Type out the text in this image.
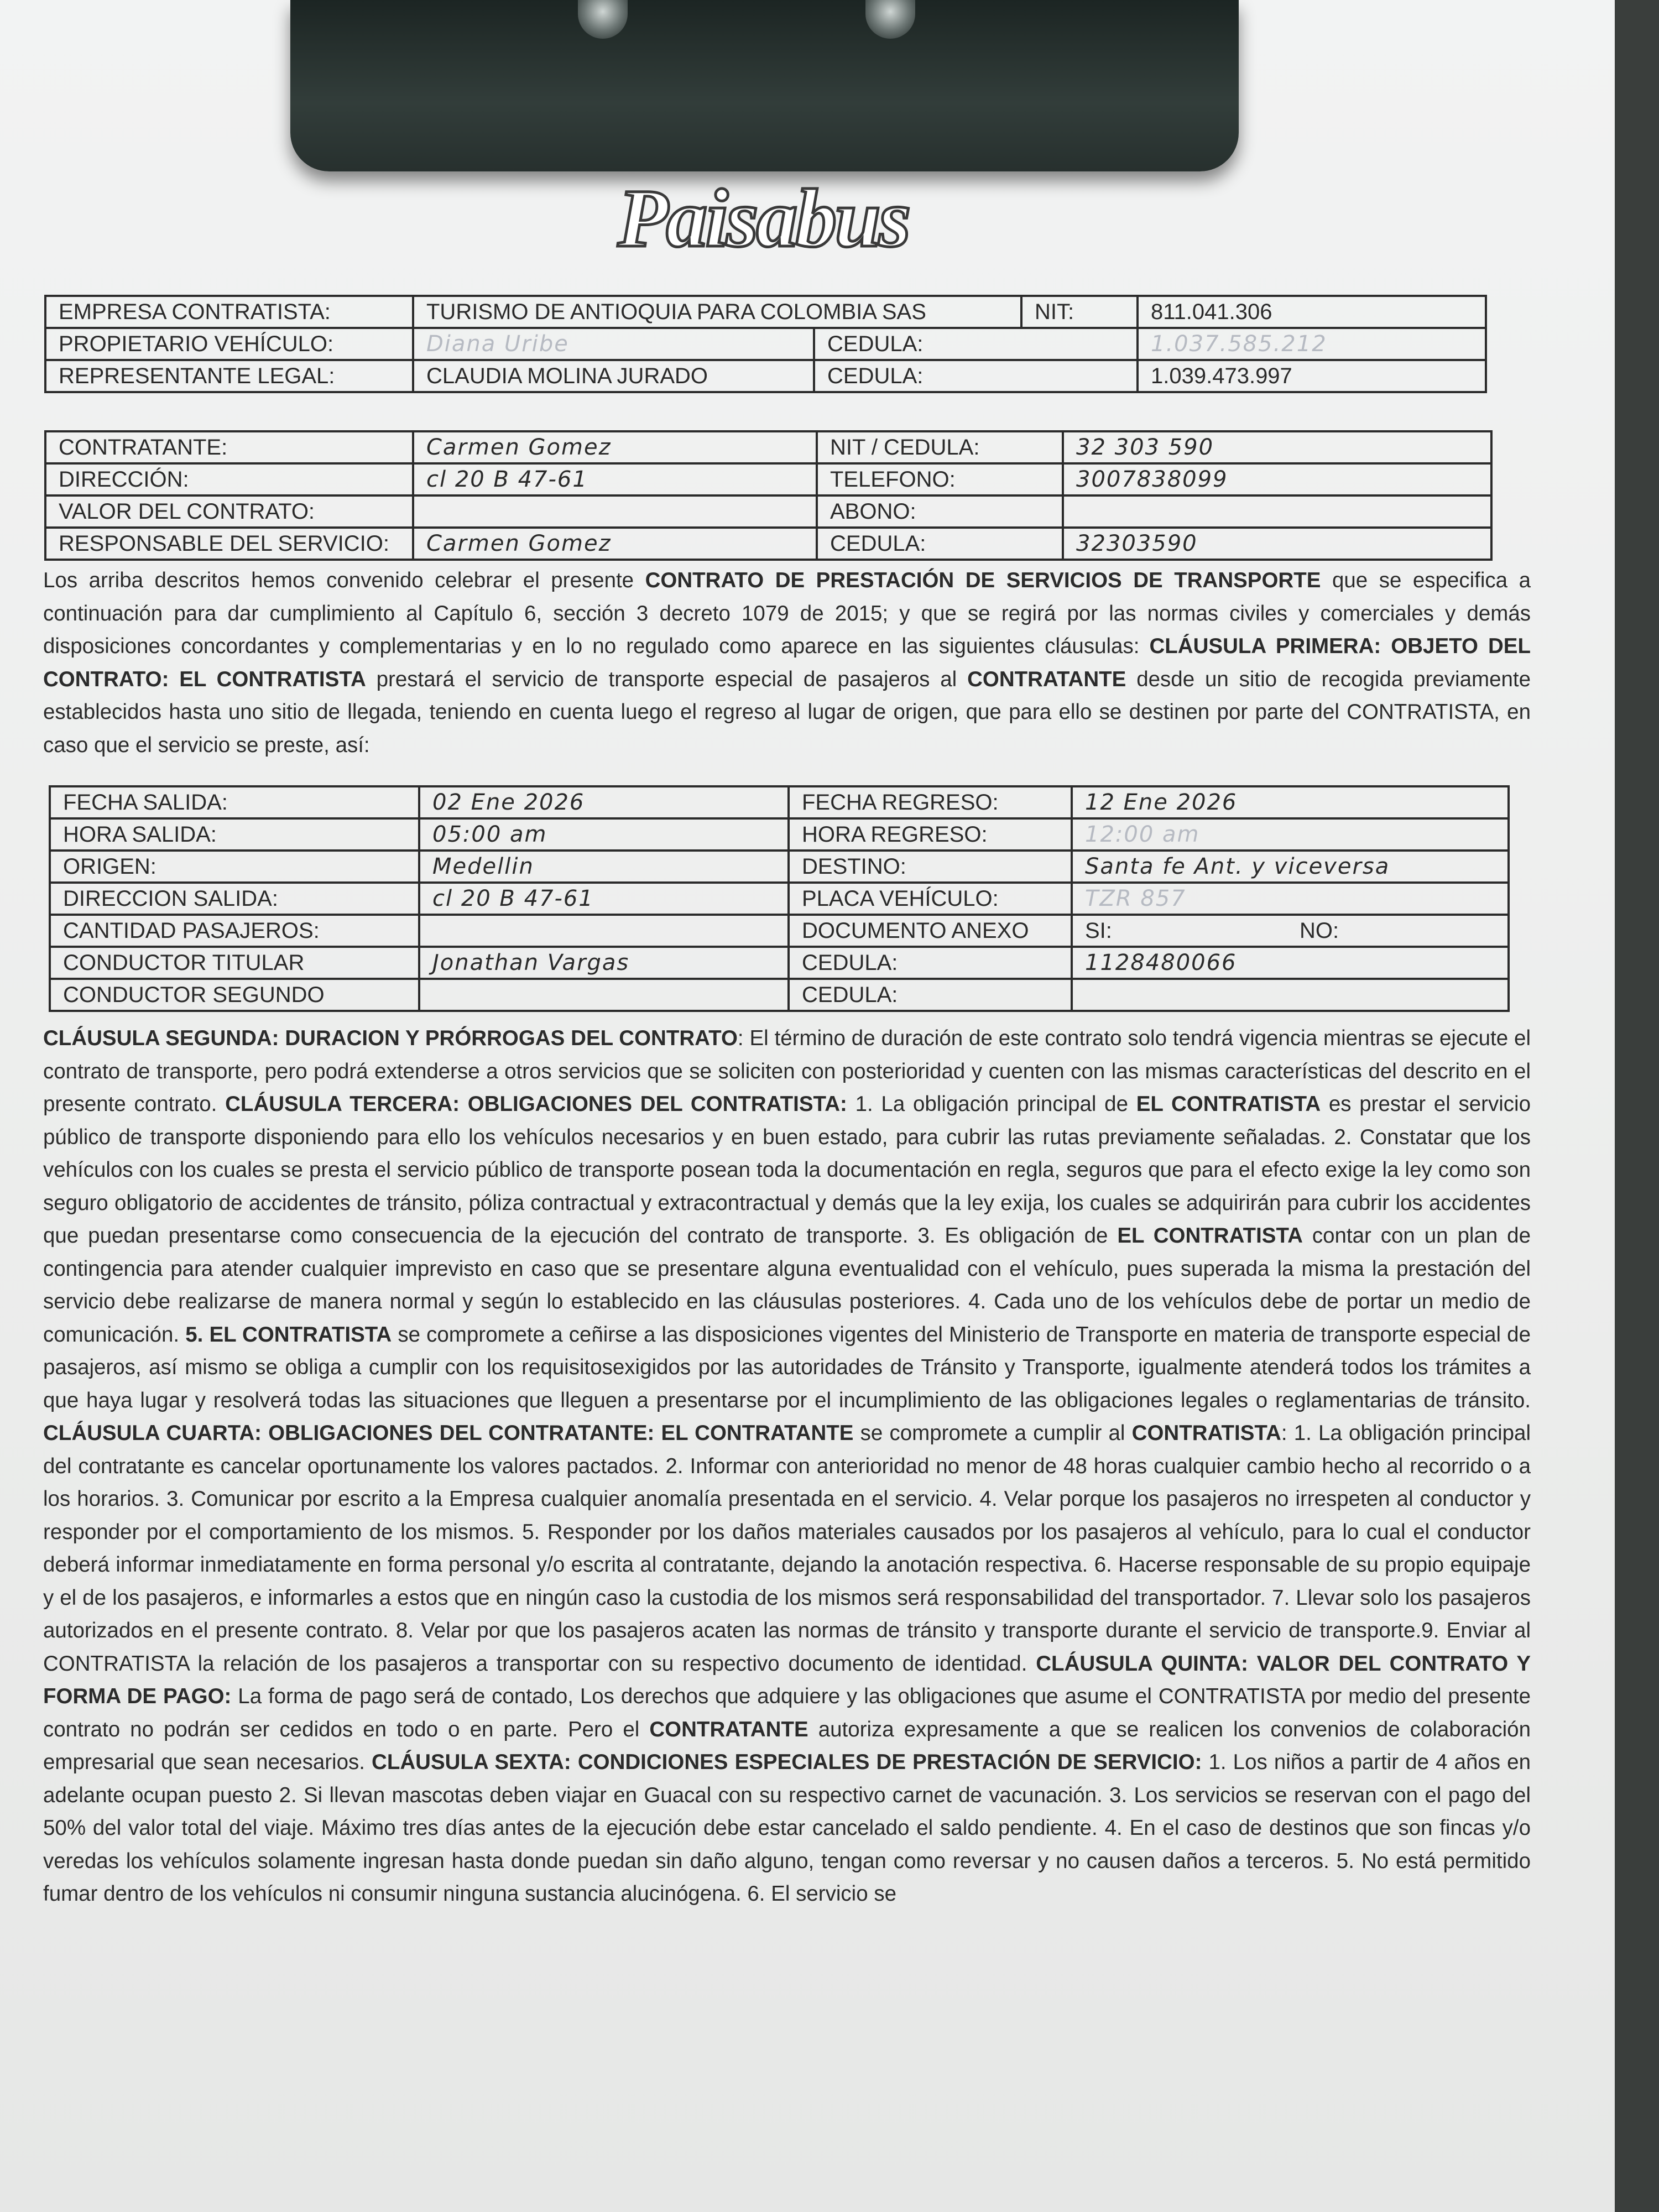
Paisabus
EMPRESA CONTRATISTA:	TURISMO DE ANTIOQUIA PARA COLOMBIA SAS		NIT:	811.041.306
PROPIETARIO VEHÍCULO:	Diana Uribe	CEDULA:		1.037.585.212
REPRESENTANTE LEGAL:	CLAUDIA MOLINA JURADO	CEDULA:		1.039.473.997
CONTRATANTE:	Carmen Gomez	NIT / CEDULA:	32 303 590
DIRECCIÓN:	cl 20 B 47-61	TELEFONO:	3007838099
VALOR DEL CONTRATO:		ABONO:	
RESPONSABLE DEL SERVICIO:	Carmen Gomez	CEDULA:	32303590

Los arriba descritos hemos convenido celebrar el presente CONTRATO DE PRESTACIÓN DE SERVICIOS DE TRANSPORTE que se especifica a continuación para dar cumplimiento al Capítulo 6, sección 3 decreto 1079 de 2015; y que se regirá por las normas civiles y comerciales y demás disposiciones concordantes y complementarias y en lo no regulado como aparece en las siguientes cláusulas: CLÁUSULA PRIMERA: OBJETO DEL CONTRATO: EL CONTRATISTA prestará el servicio de transporte especial de pasajeros al CONTRATANTE desde un sitio de recogida previamente establecidos hasta uno sitio de llegada, teniendo en cuenta luego el regreso al lugar de origen, que para ello se destinen por parte del CONTRATISTA, en caso que el servicio se preste, así:

FECHA SALIDA:	02 Ene 2026	FECHA REGRESO:	12 Ene 2026	
HORA SALIDA:	05:00 am	HORA REGRESO:	12:00 am	
ORIGEN:	Medellin	DESTINO:	Santa fe Ant. y viceversa	
DIRECCION SALIDA:	cl 20 B 47-61	PLACA VEHÍCULO:	TZR 857	
CANTIDAD PASAJEROS:		DOCUMENTO ANEXO	SI:	NO:
CONDUCTOR TITULAR	Jonathan Vargas	CEDULA:	1128480066	
CONDUCTOR SEGUNDO		CEDULA:		

CLÁUSULA SEGUNDA: DURACION Y PRÓRROGAS DEL CONTRATO: El término de duración de este contrato solo tendrá vigencia mientras se ejecute el contrato de transporte, pero podrá extenderse a otros servicios que se soliciten con posterioridad y cuenten con las mismas características del descrito en el presente contrato. CLÁUSULA TERCERA: OBLIGACIONES DEL CONTRATISTA: 1. La obligación principal de EL CONTRATISTA es prestar el servicio público de transporte disponiendo para ello los vehículos necesarios y en buen estado, para cubrir las rutas previamente señaladas. 2. Constatar que los vehículos con los cuales se presta el servicio público de transporte posean toda la documentación en regla, seguros que para el efecto exige la ley como son seguro obligatorio de accidentes de tránsito, póliza contractual y extracontractual y demás que la ley exija, los cuales se adquirirán para cubrir los accidentes que puedan presentarse como consecuencia de la ejecución del contrato de transporte. 3. Es obligación de EL CONTRATISTA contar con un plan de contingencia para atender cualquier imprevisto en caso que se presentare alguna eventualidad con el vehículo, pues superada la misma la prestación del servicio debe realizarse de manera normal y según lo establecido en las cláusulas posteriores. 4. Cada uno de los vehículos debe de portar un medio de comunicación. 5. EL CONTRATISTA se compromete a ceñirse a las disposiciones vigentes del Ministerio de Transporte en materia de transporte especial de pasajeros, así mismo se obliga a cumplir con los requisitosexigidos por las autoridades de Tránsito y Transporte, igualmente atenderá todos los trámites a que haya lugar y resolverá todas las situaciones que lleguen a presentarse por el incumplimiento de las obligaciones legales o reglamentarias de tránsito. CLÁUSULA CUARTA: OBLIGACIONES DEL CONTRATANTE: EL CONTRATANTE se compromete a cumplir al CONTRATISTA: 1. La obligación principal del contratante es cancelar oportunamente los valores pactados. 2. Informar con anterioridad no menor de 48 horas cualquier cambio hecho al recorrido o a los horarios. 3. Comunicar por escrito a la Empresa cualquier anomalía presentada en el servicio. 4. Velar porque los pasajeros no irrespeten al conductor y responder por el comportamiento de los mismos. 5. Responder por los daños materiales causados por los pasajeros al vehículo, para lo cual el conductor deberá informar inmediatamente en forma personal y/o escrita al contratante, dejando la anotación respectiva. 6. Hacerse responsable de su propio equipaje y el de los pasajeros, e informarles a estos que en ningún caso la custodia de los mismos será responsabilidad del transportador. 7. Llevar solo los pasajeros autorizados en el presente contrato. 8. Velar por que los pasajeros acaten las normas de tránsito y transporte durante el servicio de transporte.9. Enviar al CONTRATISTA la relación de los pasajeros a transportar con su respectivo documento de identidad. CLÁUSULA QUINTA: VALOR DEL CONTRATO Y FORMA DE PAGO: La forma de pago será de contado, Los derechos que adquiere y las obligaciones que asume el CONTRATISTA por medio del presente contrato no podrán ser cedidos en todo o en parte. Pero el CONTRATANTE autoriza expresamente a que se realicen los convenios de colaboración empresarial que sean necesarios. CLÁUSULA SEXTA: CONDICIONES ESPECIALES DE PRESTACIÓN DE SERVICIO: 1. Los niños a partir de 4 años en adelante ocupan puesto 2. Si llevan mascotas deben viajar en Guacal con su respectivo carnet de vacunación. 3. Los servicios se reservan con el pago del 50% del valor total del viaje. Máximo tres días antes de la ejecución debe estar cancelado el saldo pendiente. 4. En el caso de destinos que son fincas y/o veredas los vehículos solamente ingresan hasta donde puedan sin daño alguno, tengan como reversar y no causen daños a terceros. 5. No está permitido fumar dentro de los vehículos ni consumir ninguna sustancia alucinógena. 6. El servicio se
